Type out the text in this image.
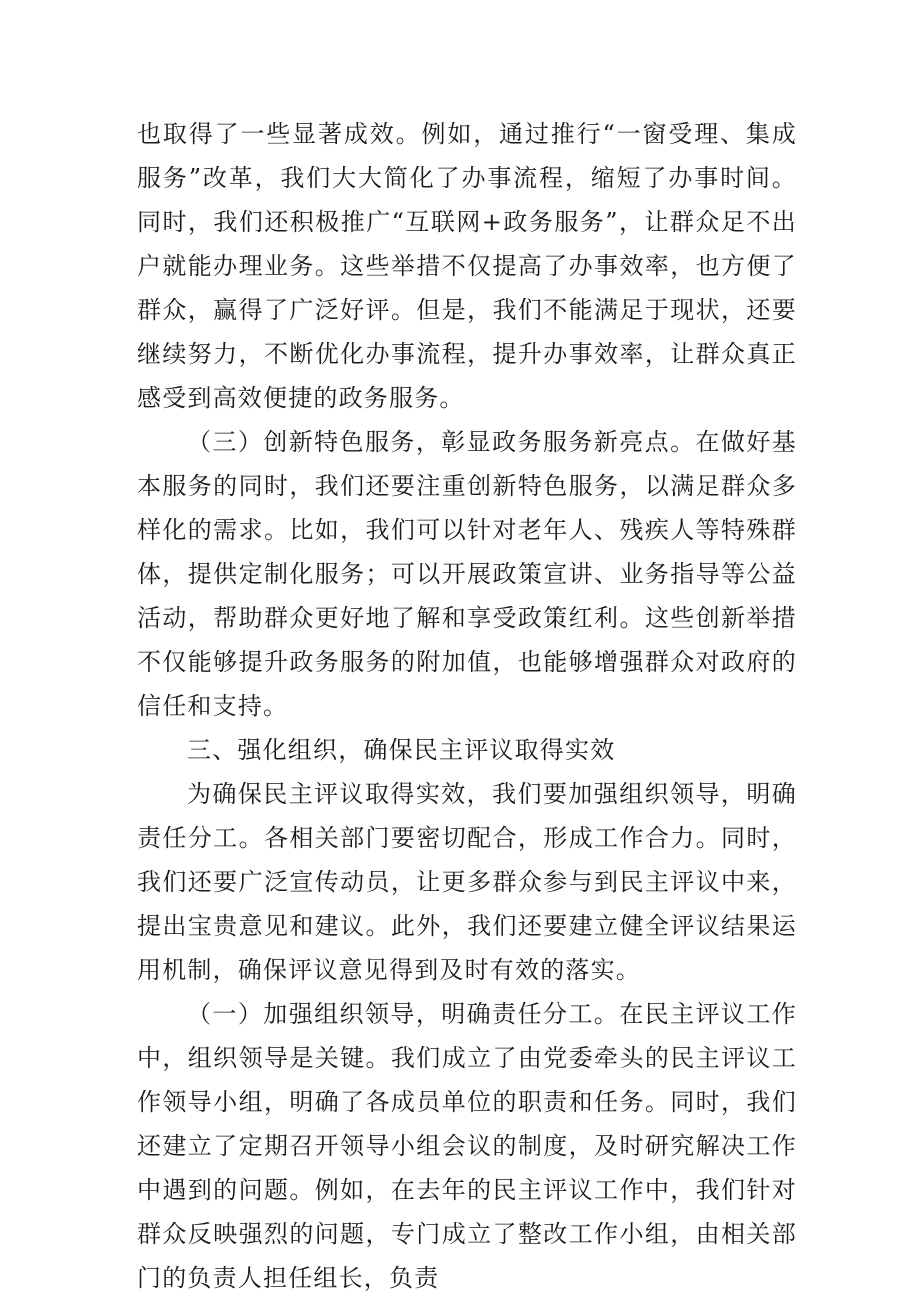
也取得了一些显著成效。例如，通过推行“一窗受理、集成服务”改革，我们大大简化了办事流程，缩短了办事时间。同时，我们还积极推广“互联网+政务服务”，让群众足不出户就能办理业务。这些举措不仅提高了办事效率，也方便了群众，赢得了广泛好评。但是，我们不能满足于现状，还要继续努力，不断优化办事流程，提升办事效率，让群众真正感受到高效便捷的政务服务。

（三）创新特色服务，彰显政务服务新亮点。在做好基本服务的同时，我们还要注重创新特色服务，以满足群众多样化的需求。比如，我们可以针对老年人、残疾人等特殊群体，提供定制化服务；可以开展政策宣讲、业务指导等公益活动，帮助群众更好地了解和享受政策红利。这些创新举措不仅能够提升政务服务的附加值，也能够增强群众对政府的信任和支持。

三、强化组织，确保民主评议取得实效

为确保民主评议取得实效，我们要加强组织领导，明确责任分工。各相关部门要密切配合，形成工作合力。同时，我们还要广泛宣传动员，让更多群众参与到民主评议中来，提出宝贵意见和建议。此外，我们还要建立健全评议结果运用机制，确保评议意见得到及时有效的落实。

（一）加强组织领导，明确责任分工。在民主评议工作中，组织领导是关键。我们成立了由党委牵头的民主评议工作领导小组，明确了各成员单位的职责和任务。同时，我们还建立了定期召开领导小组会议的制度，及时研究解决工作中遇到的问题。例如，在去年的民主评议工作中，我们针对群众反映强烈的问题，专门成立了整改工作小组，由相关部门的负责人担任组长，负责
